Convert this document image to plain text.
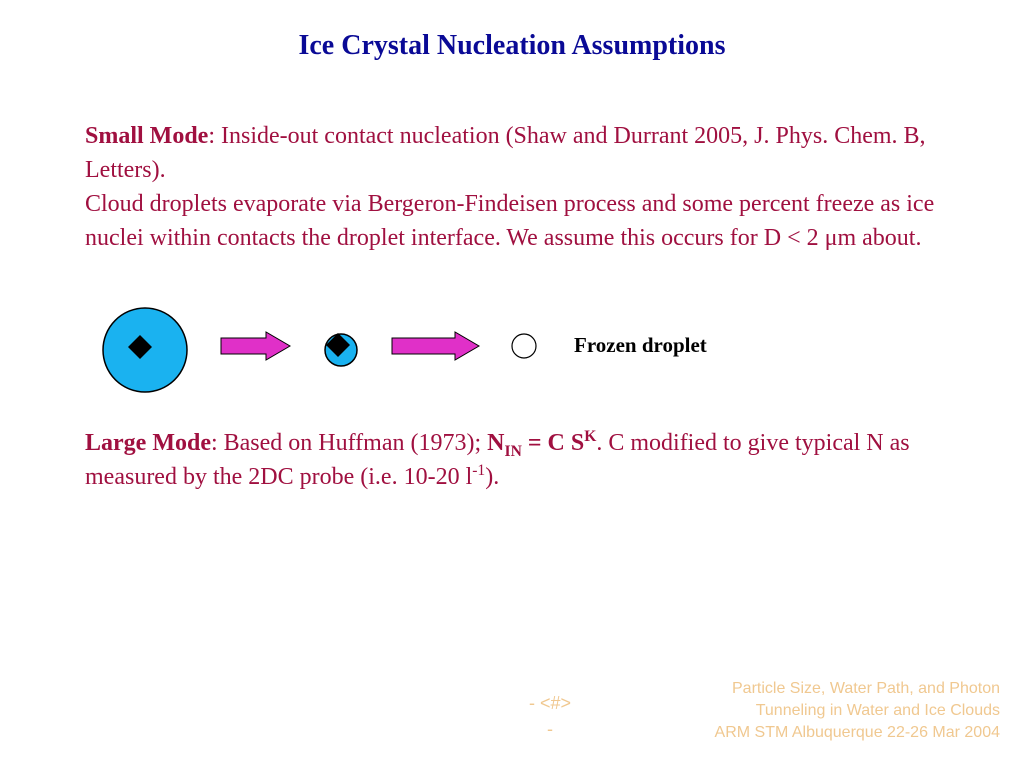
Ice Crystal Nucleation Assumptions
Small Mode: Inside-out contact nucleation (Shaw and Durrant 2005, J. Phys. Chem. B, Letters).
Cloud droplets evaporate via Bergeron-Findeisen process and some percent freeze as ice nuclei within contacts the droplet interface. We assume this occurs for D < 2 μm about.
Frozen droplet
Large Mode: Based on Huffman (1973); $N_{IN} = C$ $S^K$. C modified to give typical N as measured by the 2DC probe (i.e. 10-20 $l^{-1}$).
- <#>
-
Particle Size, Water Path, and Photon
Tunneling in Water and Ice Clouds
ARM STM Albuquerque 22-26 Mar 2004
